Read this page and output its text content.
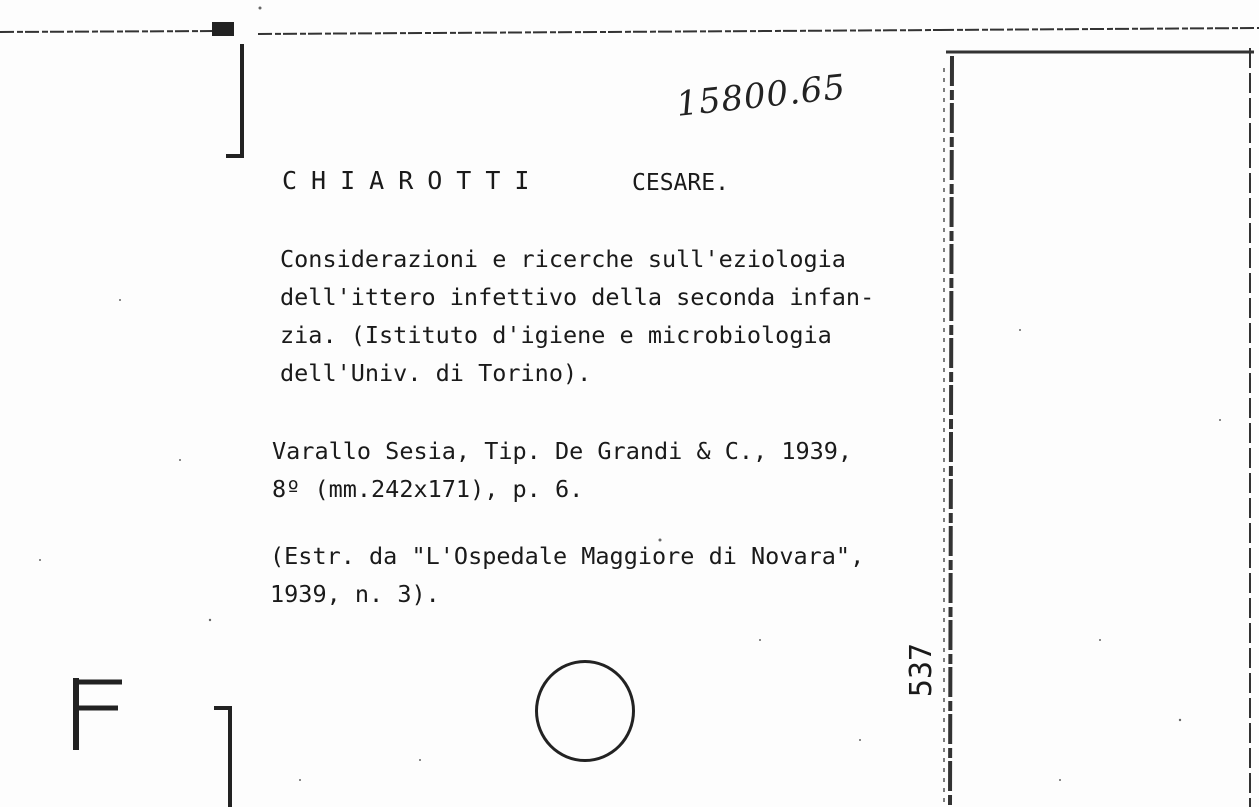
15800.65
CHIAROTTI	CESARE.
Considerazioni e ricerche sull'eziologia
dell'ittero infettivo della seconda infan-
zia. (Istituto d'igiene e microbiologia
dell'Univ. di Torino).
Varallo Sesia, Tip. De Grandi & C., 1939,
8º (mm.242x171), p. 6.
(Estr. da "L'Ospedale Maggiore di Novara",
1939, n. 3).
537
